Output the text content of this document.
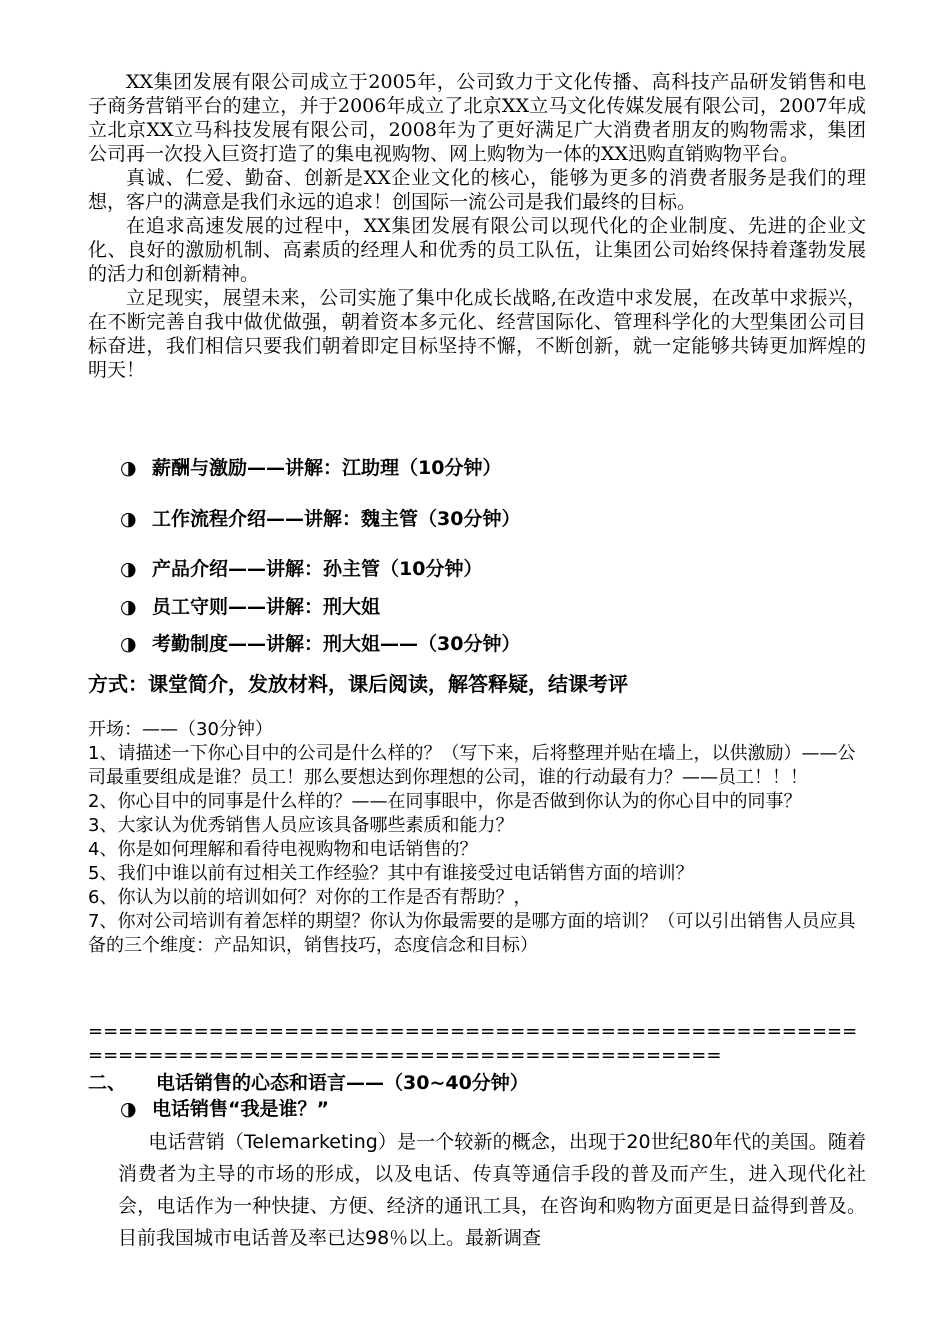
XX集团发展有限公司成立于2005年，公司致力于文化传播、高科技产品研发销售和电子商务营销平台的建立，并于2006年成立了北京XX立马文化传媒发展有限公司，2007年成立北京XX立马科技发展有限公司，2008年为了更好满足广大消费者朋友的购物需求，集团公司再一次投入巨资打造了的集电视购物、网上购物为一体的XX迅购直销购物平台。

真诚、仁爱、勤奋、创新是XX企业文化的核心，能够为更多的消费者服务是我们的理想，客户的满意是我们永远的追求！创国际一流公司是我们最终的目标。

在追求高速发展的过程中，XX集团发展有限公司以现代化的企业制度、先进的企业文化、良好的激励机制、高素质的经理人和优秀的员工队伍，让集团公司始终保持着蓬勃发展的活力和创新精神。

立足现实，展望未来，公司实施了集中化成长战略,在改造中求发展，在改革中求振兴，在不断完善自我中做优做强，朝着资本多元化、经营国际化、管理科学化的大型集团公司目标奋进，我们相信只要我们朝着即定目标坚持不懈，不断创新，就一定能够共铸更加辉煌的明天！

◑ 薪酬与激励——讲解：江助理（10分钟）
◑ 工作流程介绍——讲解：魏主管（30分钟）
◑ 产品介绍——讲解：孙主管（10分钟）
◑ 员工守则——讲解：刑大姐
◑ 考勤制度——讲解：刑大姐——（30分钟）
方式：课堂简介，发放材料，课后阅读，解答释疑，结课考评
开场：——（30分钟）
1、请描述一下你心目中的公司是什么样的？（写下来，后将整理并贴在墙上，以供激励）——公司最重要组成是谁？员工！那么要想达到你理想的公司，谁的行动最有力？——员工！！！
2、你心目中的同事是什么样的？——在同事眼中，你是否做到你认为的你心目中的同事？
3、大家认为优秀销售人员应该具备哪些素质和能力？
4、你是如何理解和看待电视购物和电话销售的？
5、我们中谁以前有过相关工作经验？其中有谁接受过电话销售方面的培训？
6、你认为以前的培训如何？对你的工作是否有帮助？，
7、你对公司培训有着怎样的期望？你认为你最需要的是哪方面的培训？（可以引出销售人员应具备的三个维度：产品知识，销售技巧，态度信念和目标）
=============================================================================================
二、 电话销售的心态和语言——（30~40分钟）
◑ 电话销售“我是谁？”

电话营销（Telemarketing）是一个较新的概念，出现于20世纪80年代的美国。随着消费者为主导的市场的形成，以及电话、传真等通信手段的普及而产生，进入现代化社会，电话作为一种快捷、方便、经济的通讯工具，在咨询和购物方面更是日益得到普及。目前我国城市电话普及率已达98％以上。最新调查
